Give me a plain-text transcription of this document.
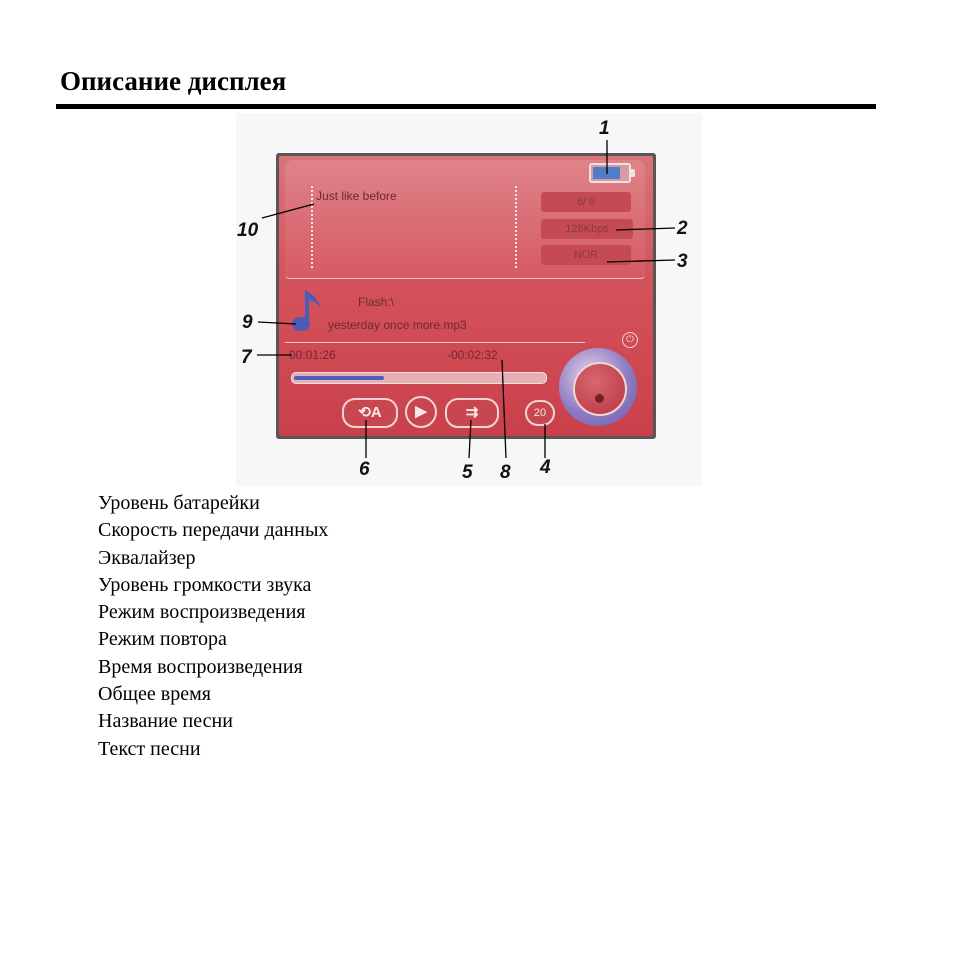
Описание дисплея
Just like before	6/ 8
128Kbps
NOR
Flash:\
yesterday once more.mp3
00:01:26	-00:02:32
⟲A	▶	⇉	20
⏻
1
2
3
4
5
6
7
8
9
10
Уровень батарейки
Скорость передачи данных
Эквалайзер
Уровень громкости звука
Режим воспроизведения
Режим повтора
Время воспроизведения
Общее время
Название песни
Текст песни
